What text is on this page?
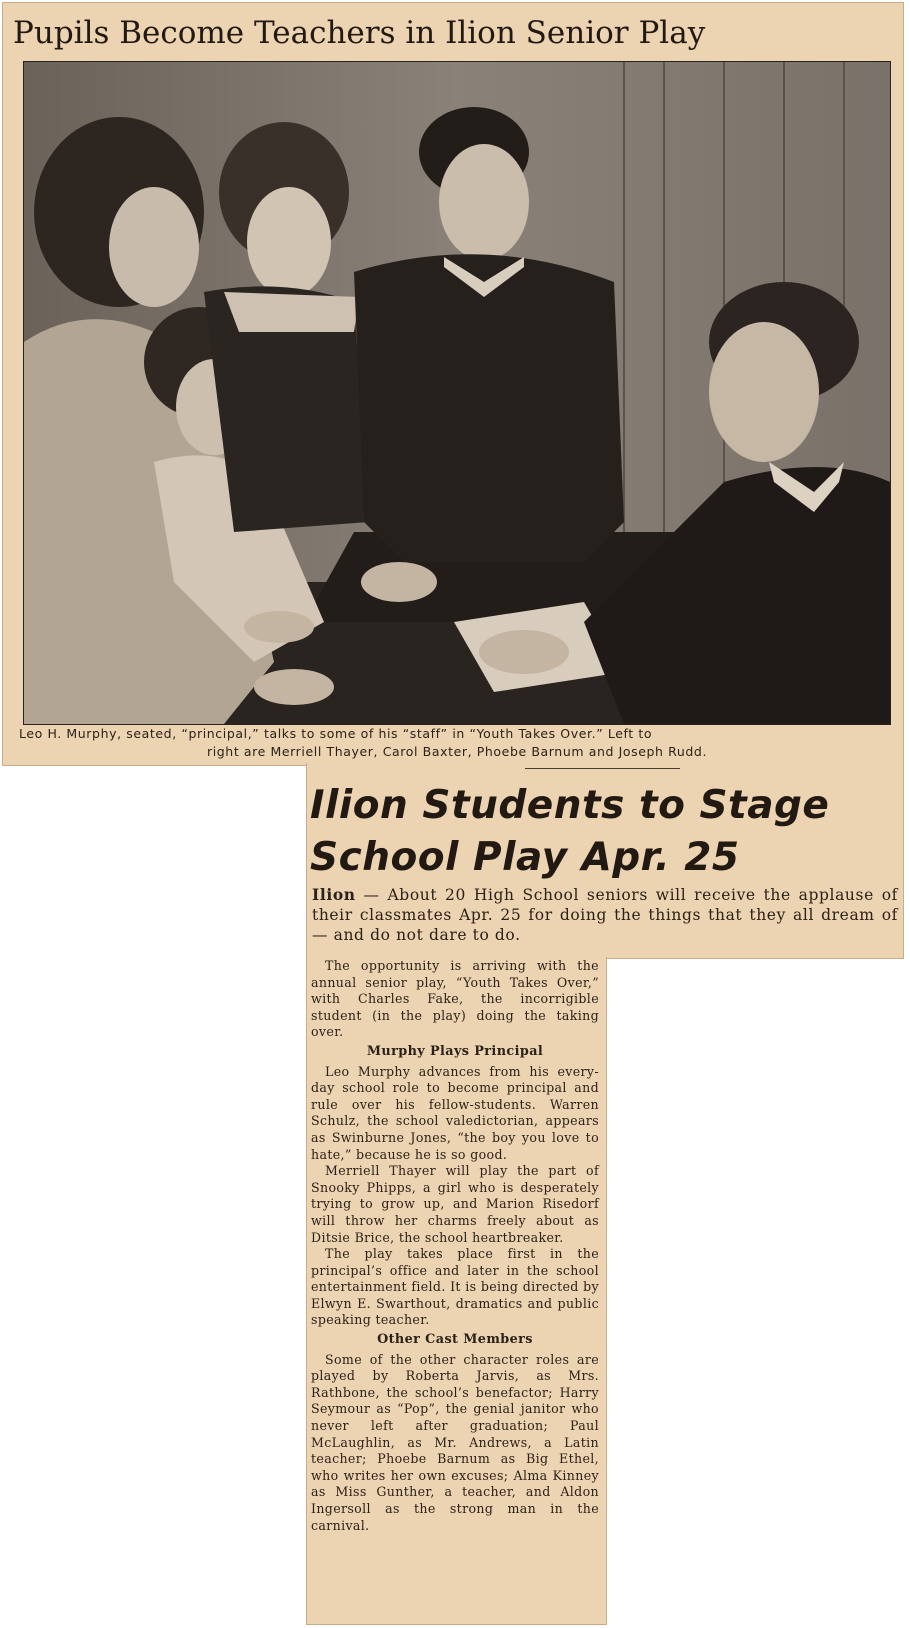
Pupils Become Teachers in Ilion Senior Play
Leo H. Murphy, seated, “principal,” talks to some of his “staff” in “Youth Takes Over.” Left to
right are Merriell Thayer, Carol Baxter, Phoebe Barnum and Joseph Rudd.
Ilion Students to Stage
School Play Apr. 25
Ilion — About 20 High School seniors will receive the applause of their classmates Apr. 25 for doing the things that they all dream of — and do not dare to do.

The opportunity is arriving with the annual senior play, “Youth Takes Over,” with Charles Fake, the incorrigible student (in the play) doing the taking over.

Murphy Plays Principal

Leo Murphy advances from his every-day school role to become principal and rule over his fellow-students. Warren Schulz, the school valedictorian, appears as Swinburne Jones, “the boy you love to hate,” because he is so good.

Merriell Thayer will play the part of Snooky Phipps, a girl who is desperately trying to grow up, and Marion Risedorf will throw her charms freely about as Ditsie Brice, the school heartbreaker.

The play takes place first in the principal’s office and later in the school entertainment field. It is being directed by Elwyn E. Swarthout, dramatics and public speaking teacher.

Other Cast Members

Some of the other character roles are played by Roberta Jarvis, as Mrs. Rathbone, the school’s benefactor; Harry Seymour as “Pop”, the genial janitor who never left after graduation; Paul McLaughlin, as Mr. Andrews, a Latin teacher; Phoebe Barnum as Big Ethel, who writes her own excuses; Alma Kinney as Miss Gunther, a teacher, and Aldon Ingersoll as the strong man in the carnival.
